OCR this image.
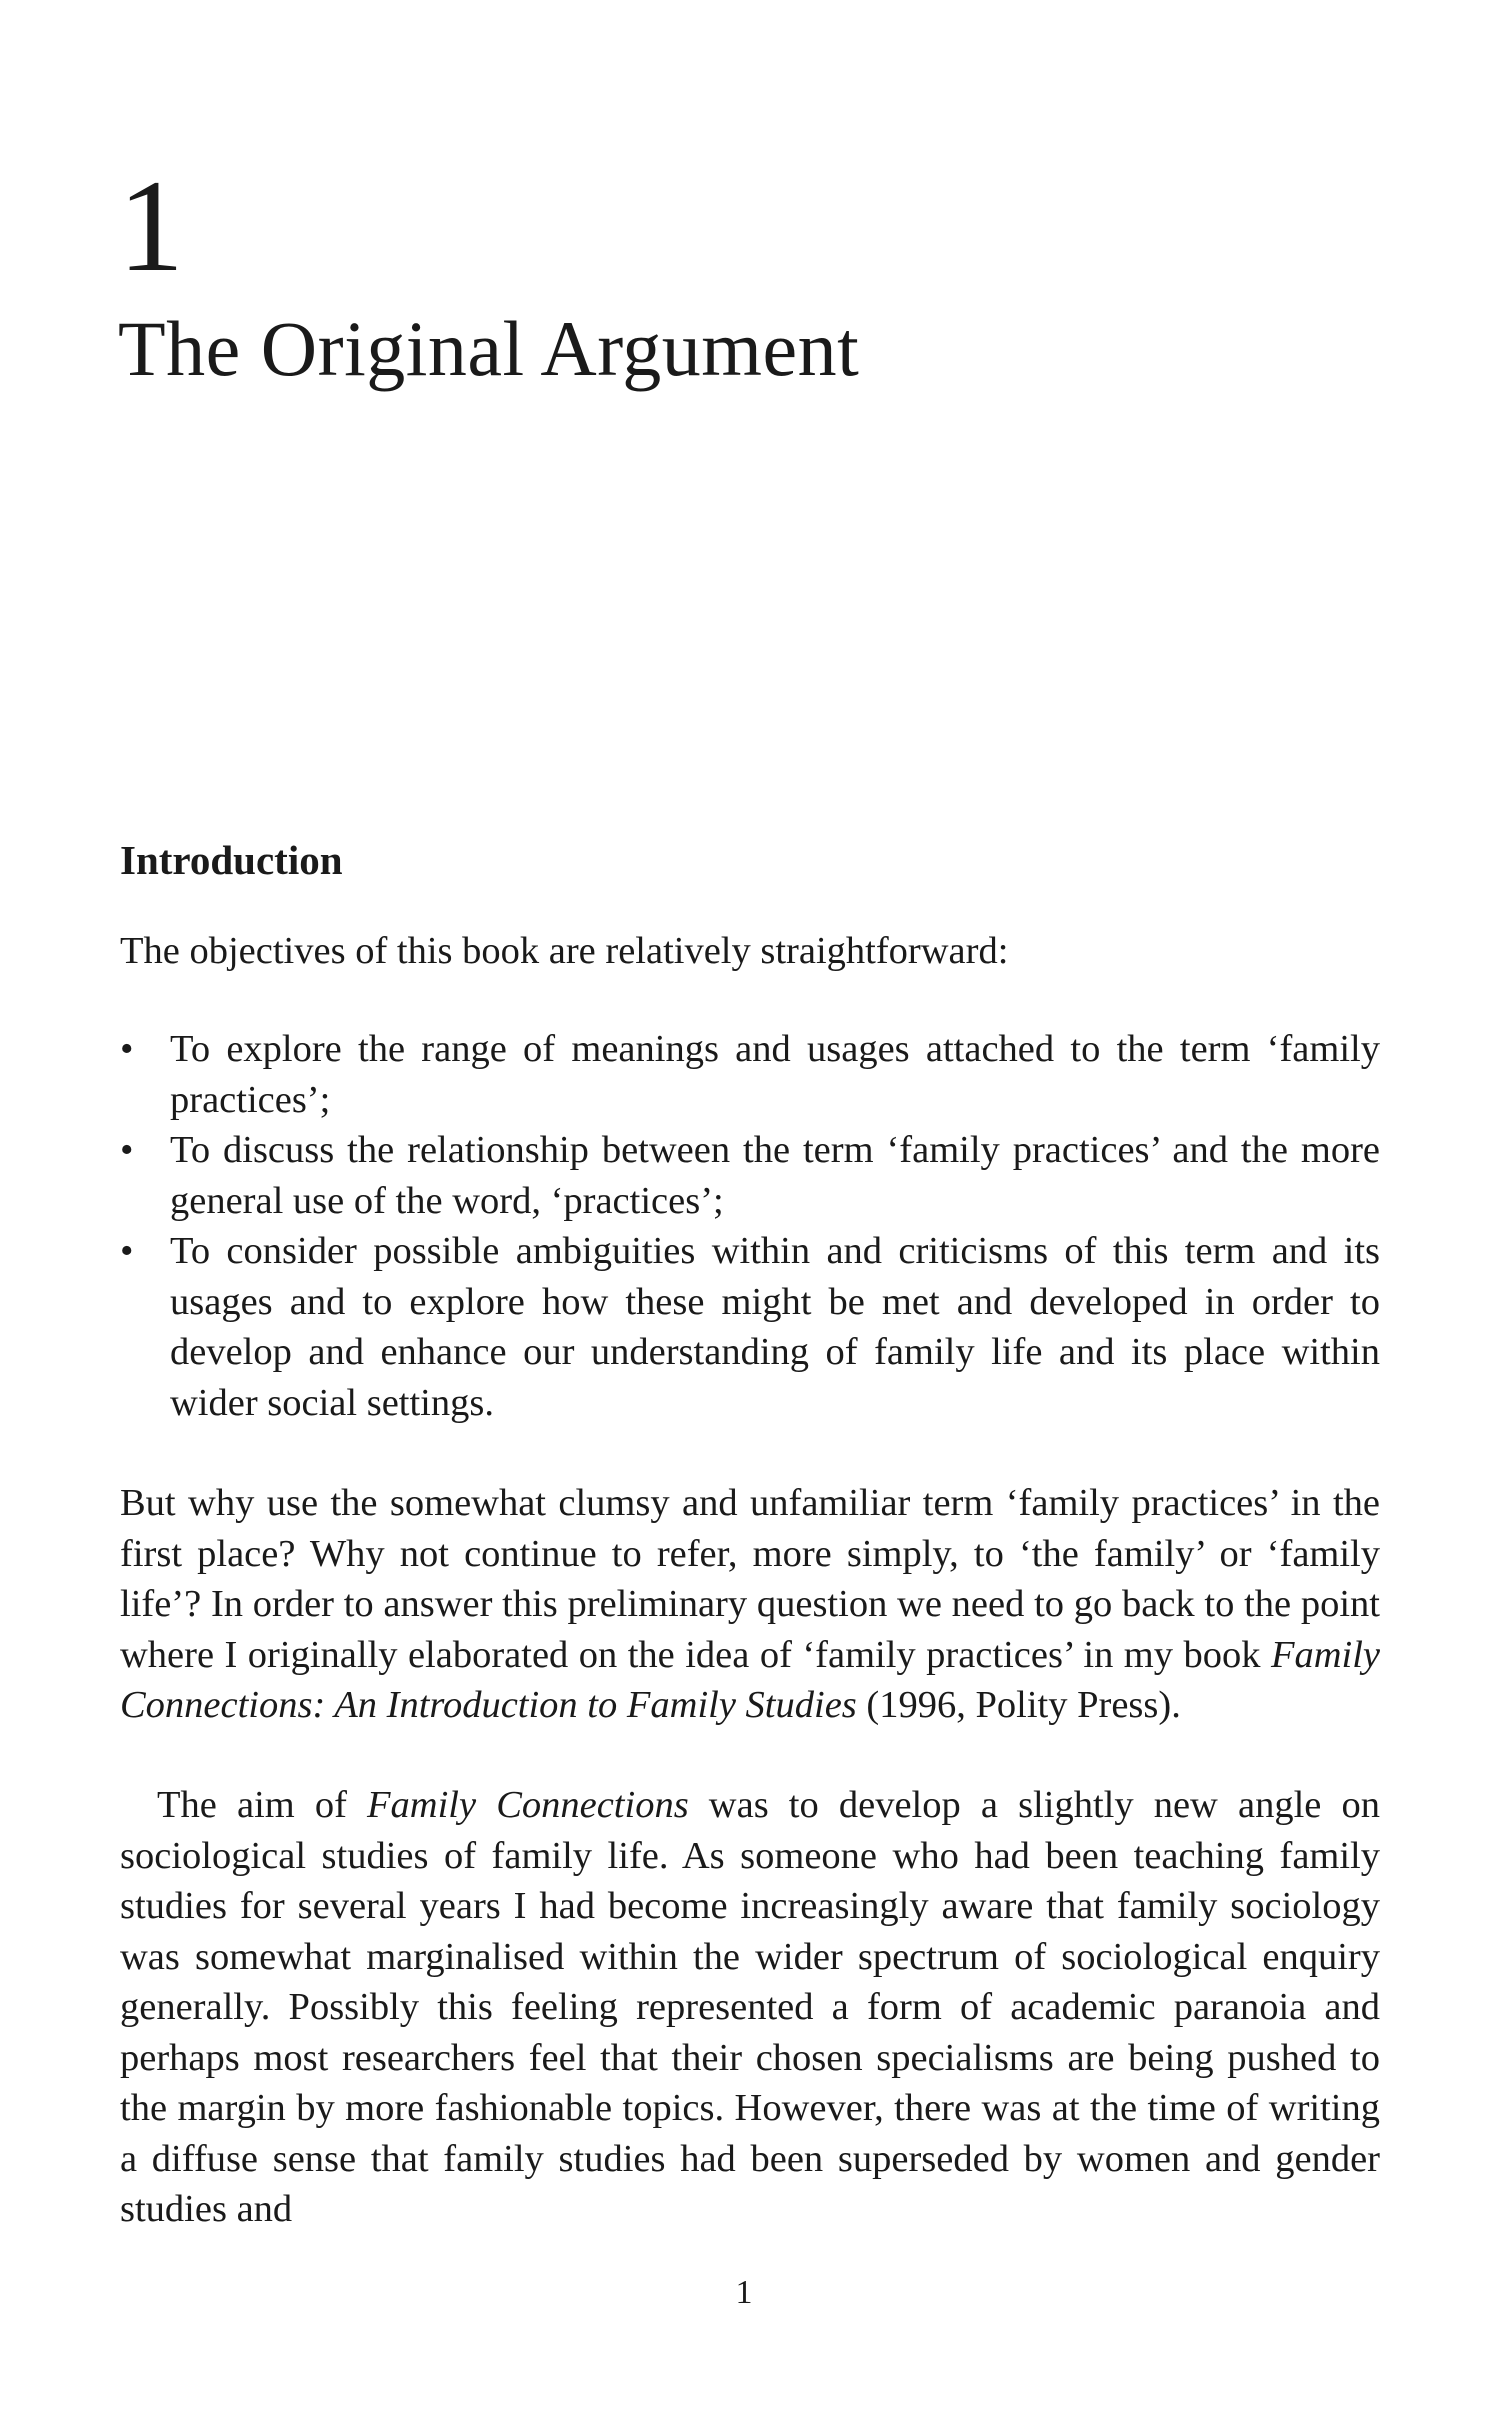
1
The Original Argument
Introduction

The objectives of this book are relatively straightforward:

• To explore the range of meanings and usages attached to the term ‘family practices’;
• To discuss the relationship between the term ‘family practices’ and the more general use of the word, ‘practices’;
• To consider possible ambiguities within and criticisms of this term and its usages and to explore how these might be met and developed in order to develop and enhance our understanding of family life and its place within wider social settings.

But why use the somewhat clumsy and unfamiliar term ‘family practices’ in the first place? Why not continue to refer, more simply, to ‘the family’ or ‘family life’? In order to answer this preliminary question we need to go back to the point where I originally elaborated on the idea of ‘family practices’ in my book Family Connections: An Introduction to Family Studies (1996, Polity Press).

The aim of Family Connections was to develop a slightly new angle on sociological studies of family life. As someone who had been teaching family studies for several years I had become increasingly aware that family sociology was somewhat marginalised within the wider spectrum of sociological enquiry generally. Possibly this feeling represented a form of academic paranoia and perhaps most researchers feel that their chosen specialisms are being pushed to the margin by more fashionable topics. However, there was at the time of writing a diffuse sense that family studies had been superseded by women and gender studies and

1
